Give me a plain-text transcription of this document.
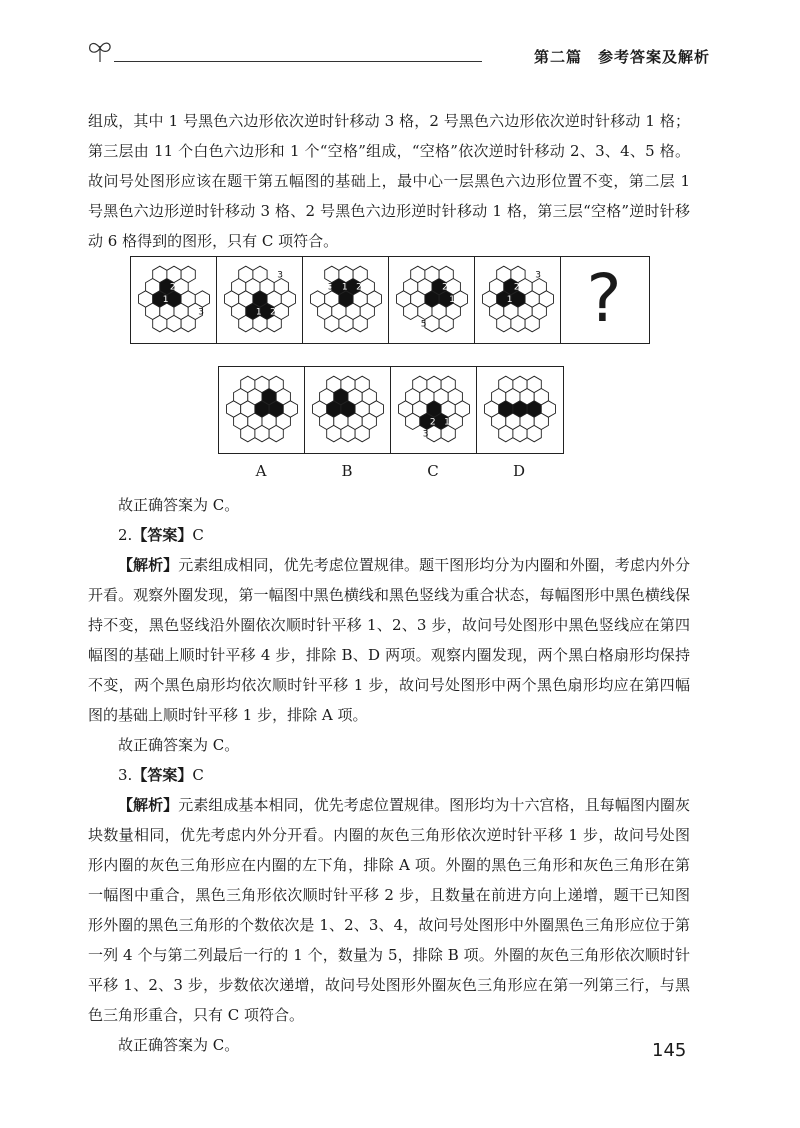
第二篇　参考答案及解析

组成，其中 1 号黑色六边形依次逆时针移动 3 格，2 号黑色六边形依次逆时针移动 1 格；第三层由 11 个白色六边形和 1 个“空格”组成，“空格”依次逆时针移动 2、3、4、5 格。故问号处图形应该在题干第五幅图的基础上，最中心一层黑色六边形位置不变，第二层 1 号黑色六边形逆时针移动 3 格、2 号黑色六边形逆时针移动 1 格，第三层“空格”逆时针移动 6 格得到的图形，只有 C 项符合。

1
2
3	2
1
3
3 1 2	2
1
5
1
2
3 ?
1
2
3
A	B	C	D

故正确答案为 C。

2.【答案】C

【解析】元素组成相同，优先考虑位置规律。题干图形均分为内圈和外圈，考虑内外分开看。观察外圈发现，第一幅图中黑色横线和黑色竖线为重合状态，每幅图形中黑色横线保持不变，黑色竖线沿外圈依次顺时针平移 1、2、3 步，故问号处图形中黑色竖线应在第四幅图的基础上顺时针平移 4 步，排除 B、D 两项。观察内圈发现，两个黑白格扇形均保持不变，两个黑色扇形均依次顺时针平移 1 步，故问号处图形中两个黑色扇形均应在第四幅图的基础上顺时针平移 1 步，排除 A 项。

故正确答案为 C。

3.【答案】C

【解析】元素组成基本相同，优先考虑位置规律。图形均为十六宫格，且每幅图内圈灰块数量相同，优先考虑内外分开看。内圈的灰色三角形依次逆时针平移 1 步，故问号处图形内圈的灰色三角形应在内圈的左下角，排除 A 项。外圈的黑色三角形和灰色三角形在第一幅图中重合，黑色三角形依次顺时针平移 2 步，且数量在前进方向上递增，题干已知图形外圈的黑色三角形的个数依次是 1、2、3、4，故问号处图形中外圈黑色三角形应位于第一列 4 个与第二列最后一行的 1 个，数量为 5，排除 B 项。外圈的灰色三角形依次顺时针平移 1、2、3 步，步数依次递增，故问号处图形外圈灰色三角形应在第一列第三行，与黑色三角形重合，只有 C 项符合。

故正确答案为 C。	145
